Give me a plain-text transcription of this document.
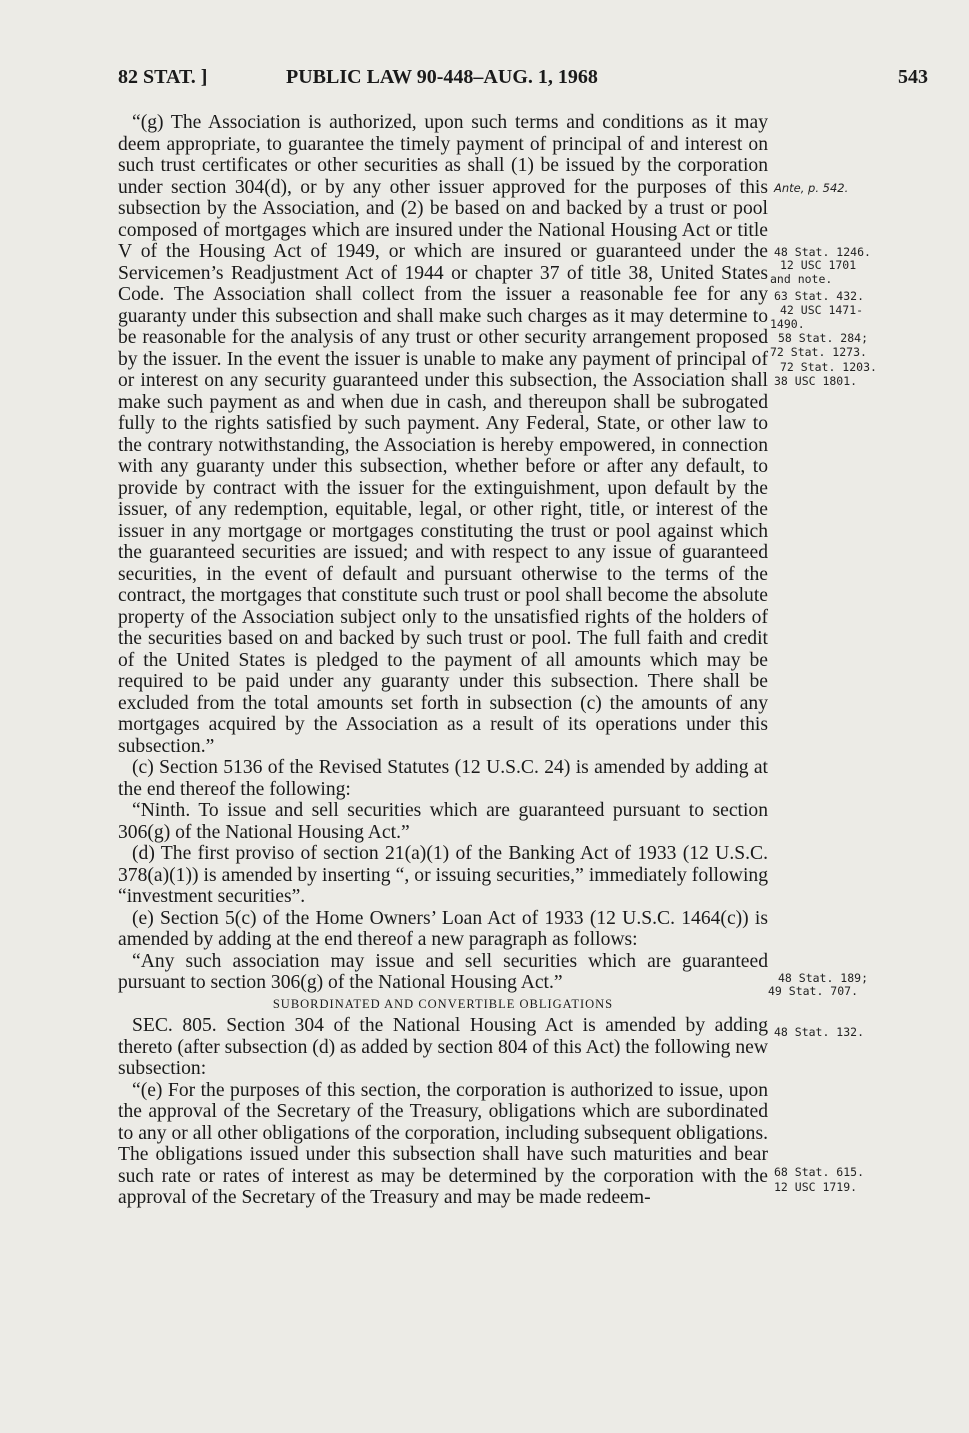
82 STAT. ]	PUBLIC LAW 90-448–AUG. 1, 1968	543

“(g) The Association is authorized, upon such terms and conditions as it may deem appropriate, to guarantee the timely payment of principal of and interest on such trust certificates or other securities as shall (1) be issued by the corporation under section 304(d), or by any other issuer approved for the purposes of this subsection by the Association, and (2) be based on and backed by a trust or pool composed of mortgages which are insured under the National Housing Act or title V of the Housing Act of 1949, or which are insured or guaranteed under the Servicemen’s Readjustment Act of 1944 or chapter 37 of title 38, United States Code. The Association shall collect from the issuer a reasonable fee for any guaranty under this subsection and shall make such charges as it may determine to be reasonable for the analysis of any trust or other security arrangement proposed by the issuer. In the event the issuer is unable to make any payment of principal of or interest on any security guaranteed under this subsection, the Association shall make such payment as and when due in cash, and thereupon shall be subrogated fully to the rights satisfied by such payment. Any Federal, State, or other law to the contrary notwithstanding, the Association is hereby empowered, in connection with any guaranty under this subsection, whether before or after any default, to provide by contract with the issuer for the extinguishment, upon default by the issuer, of any redemption, equitable, legal, or other right, title, or interest of the issuer in any mortgage or mortgages constituting the trust or pool against which the guaranteed securities are issued; and with respect to any issue of guaranteed securities, in the event of default and pursuant otherwise to the terms of the contract, the mortgages that constitute such trust or pool shall become the absolute property of the Association subject only to the unsatisfied rights of the holders of the securities based on and backed by such trust or pool. The full faith and credit of the United States is pledged to the payment of all amounts which may be required to be paid under any guaranty under this subsection. There shall be excluded from the total amounts set forth in subsection (c) the amounts of any mortgages acquired by the Association as a result of its operations under this subsection.”

(c) Section 5136 of the Revised Statutes (12 U.S.C. 24) is amended by adding at the end thereof the following:

“Ninth. To issue and sell securities which are guaranteed pursuant to section 306(g) of the National Housing Act.”

(d) The first proviso of section 21(a)(1) of the Banking Act of 1933 (12 U.S.C. 378(a)(1)) is amended by inserting “, or issuing securities,” immediately following “investment securities”.

(e) Section 5(c) of the Home Owners’ Loan Act of 1933 (12 U.S.C. 1464(c)) is amended by adding at the end thereof a new paragraph as follows:

“Any such association may issue and sell securities which are guaranteed pursuant to section 306(g) of the National Housing Act.”

SUBORDINATED AND CONVERTIBLE OBLIGATIONS

SEC. 805. Section 304 of the National Housing Act is amended by adding thereto (after subsection (d) as added by section 804 of this Act) the following new subsection:

“(e) For the purposes of this section, the corporation is authorized to issue, upon the approval of the Secretary of the Treasury, obligations which are subordinated to any or all other obligations of the corporation, including subsequent obligations. The obligations issued under this subsection shall have such maturities and bear such rate or rates of interest as may be determined by the corporation with the approval of the Secretary of the Treasury and may be made redeem-

Ante, p. 542.
48 Stat. 1246.
12 USC 1701
and note.
63 Stat. 432.
42 USC 1471-
1490.
58 Stat. 284;
72 Stat. 1273.
72 Stat. 1203.
38 USC 1801.
48 Stat. 189;
49 Stat. 707.
48 Stat. 132.
68 Stat. 615.
12 USC 1719.
